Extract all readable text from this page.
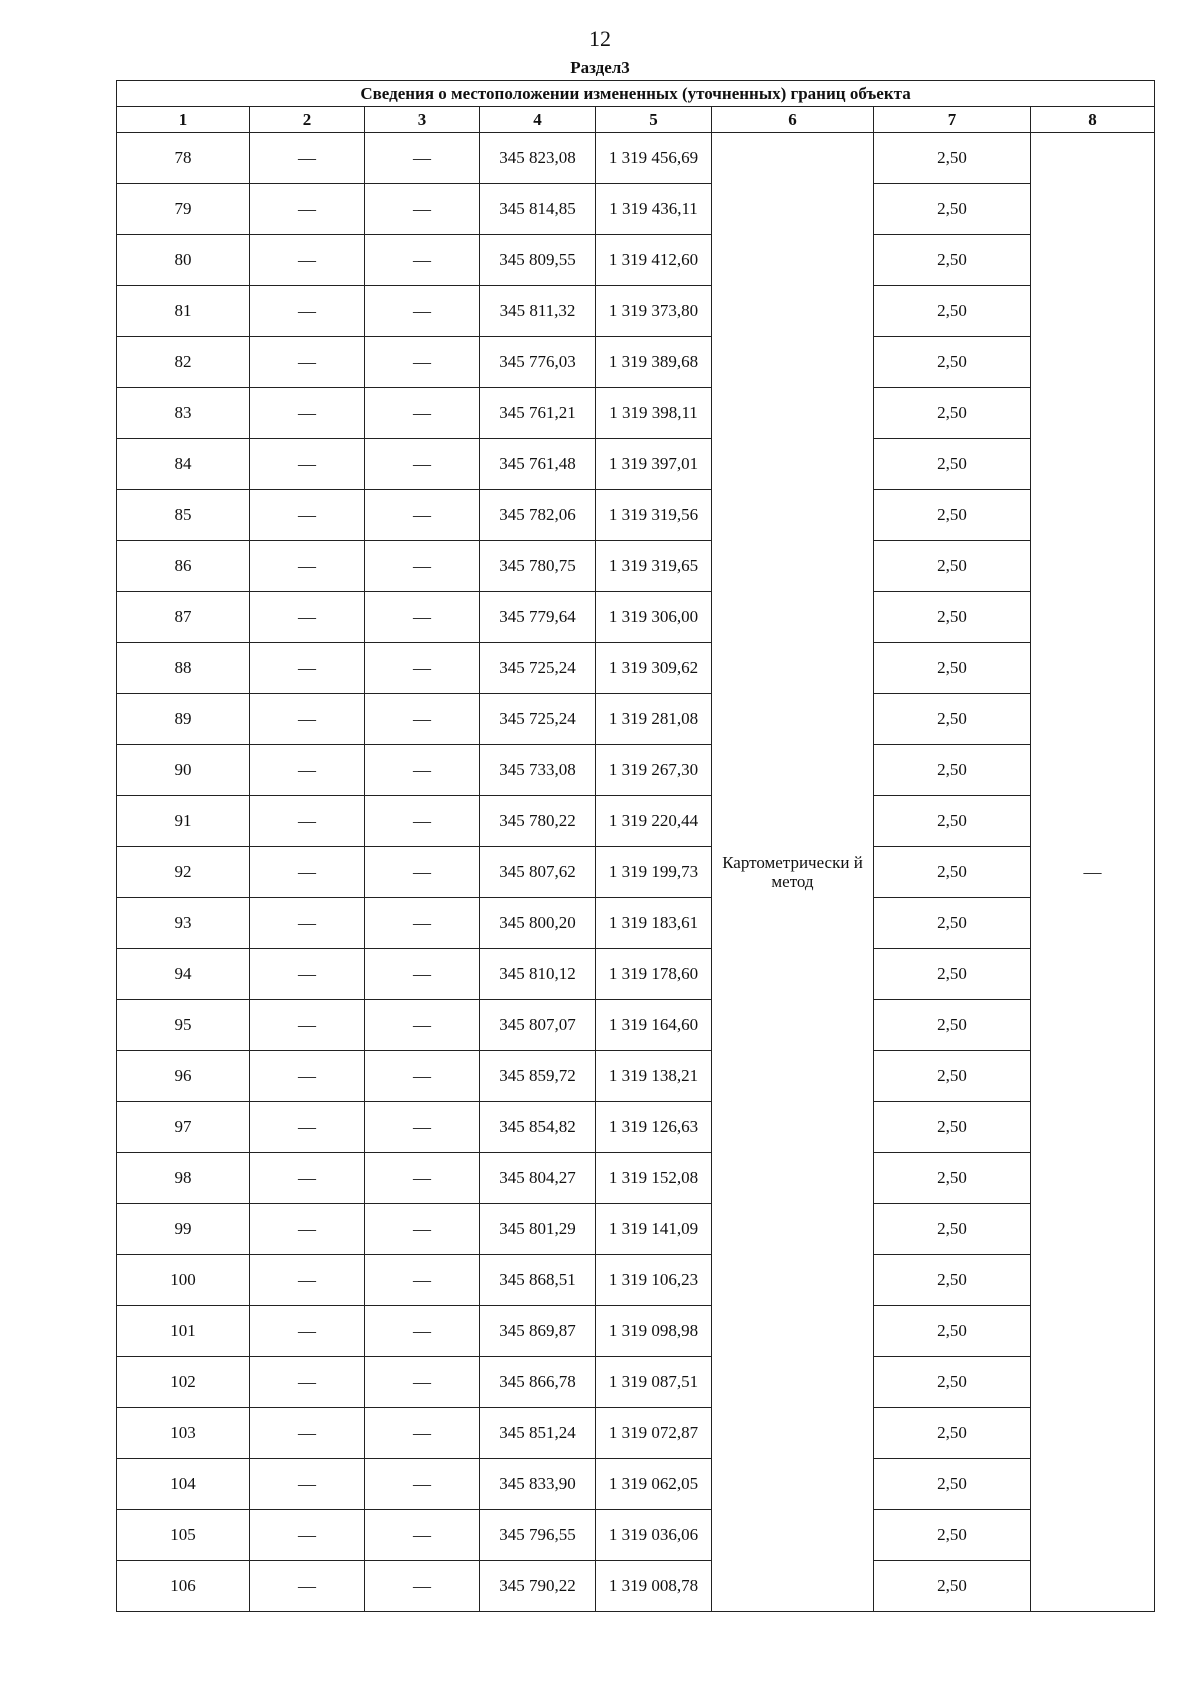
12
Раздел3
Сведения о местоположении измененных (уточненных) границ объекта							
1	2	3	4	5	6	7	8
78	—	—	345 823,08	1 319 456,69	Картометрически й метод	2,50	—
79	—	—	345 814,85	1 319 436,11		2,50	
80	—	—	345 809,55	1 319 412,60		2,50	
81	—	—	345 811,32	1 319 373,80		2,50	
82	—	—	345 776,03	1 319 389,68		2,50	
83	—	—	345 761,21	1 319 398,11		2,50	
84	—	—	345 761,48	1 319 397,01		2,50	
85	—	—	345 782,06	1 319 319,56		2,50	
86	—	—	345 780,75	1 319 319,65		2,50	
87	—	—	345 779,64	1 319 306,00		2,50	
88	—	—	345 725,24	1 319 309,62		2,50	
89	—	—	345 725,24	1 319 281,08		2,50	
90	—	—	345 733,08	1 319 267,30		2,50	
91	—	—	345 780,22	1 319 220,44		2,50	
92	—	—	345 807,62	1 319 199,73		2,50	
93	—	—	345 800,20	1 319 183,61		2,50	
94	—	—	345 810,12	1 319 178,60		2,50	
95	—	—	345 807,07	1 319 164,60		2,50	
96	—	—	345 859,72	1 319 138,21		2,50	
97	—	—	345 854,82	1 319 126,63		2,50	
98	—	—	345 804,27	1 319 152,08		2,50	
99	—	—	345 801,29	1 319 141,09		2,50	
100	—	—	345 868,51	1 319 106,23		2,50	
101	—	—	345 869,87	1 319 098,98		2,50	
102	—	—	345 866,78	1 319 087,51		2,50	
103	—	—	345 851,24	1 319 072,87		2,50	
104	—	—	345 833,90	1 319 062,05		2,50	
105	—	—	345 796,55	1 319 036,06		2,50	
106	—	—	345 790,22	1 319 008,78		2,50	
